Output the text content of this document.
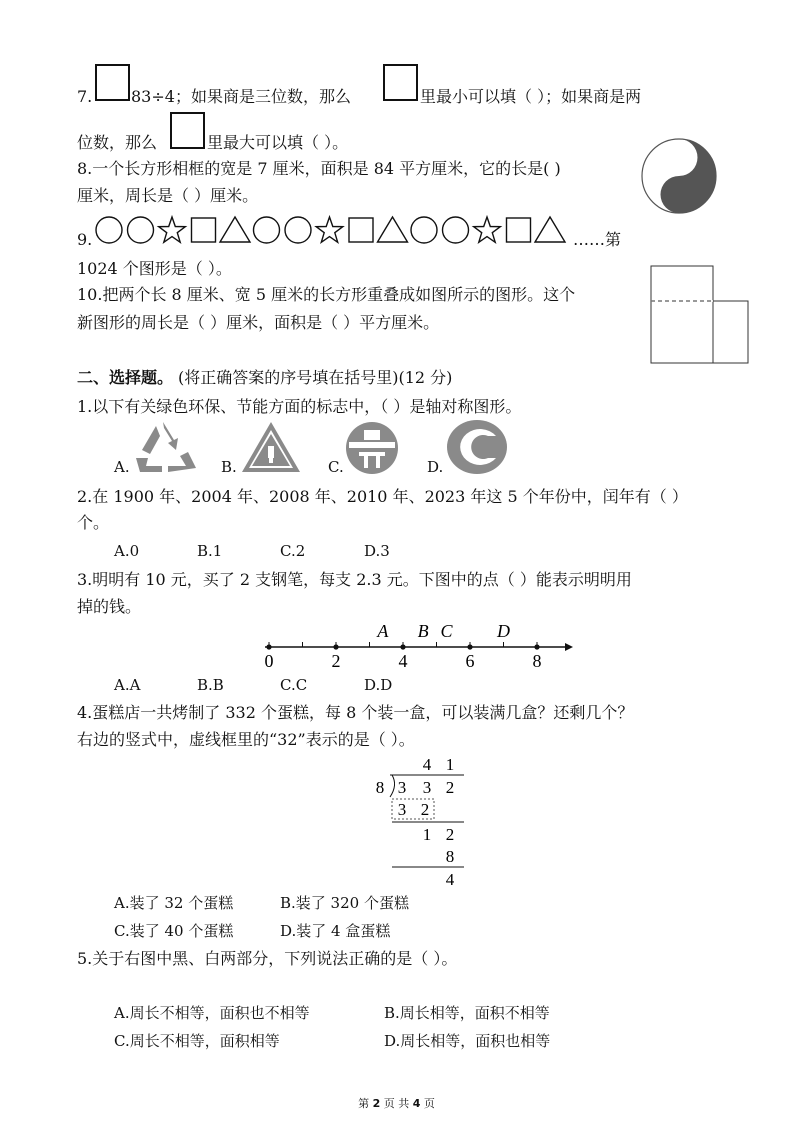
7. 83÷4；如果商是三位数，那么	里最小可以填（ ）；如果商是两
位数，那么	里最大可以填（ ）。
8.一个长方形相框的宽是 7 厘米，面积是 84 平方厘米，它的长是( )
厘米，周长是（ ）厘米。
9.	……第
1024 个图形是（ ）。
10.把两个长 8 厘米、宽 5 厘米的长方形重叠成如图所示的图形。这个
新图形的周长是（ ）厘米，面积是（ ）平方厘米。
二、选择题。 (将正确答案的序号填在括号里)(12 分)
1.以下有关绿色环保、节能方面的标志中，（ ）是轴对称图形。
A.	B.	C.	D.
2.在 1900 年、2004 年、2008 年、2010 年、2023 年这 5 个年份中，闰年有（ ）
个。
A.0	B.1	C.2	D.3
3.明明有 10 元，买了 2 支钢笔，每支 2.3 元。下图中的点（ ）能表示明明用
掉的钱。
0	2	4	6	8
A B C D
A.A	B.B	C.C	D.D
4.蛋糕店一共烤制了 332 个蛋糕，每 8 个装一盒，可以装满几盒？还剩几个？
右边的竖式中，虚线框里的“32”表示的是（ ）。
4 1
8 3 3 2
3 2
1 2
8
4
A.装了 32 个蛋糕	B.装了 320 个蛋糕
C.装了 40 个蛋糕	D.装了 4 盒蛋糕
5.关于右图中黑、白两部分，下列说法正确的是（ ）。
A.周长不相等，面积也不相等	B.周长相等，面积不相等
C.周长不相等，面积相等	D.周长相等，面积也相等
第 2 页 共 4 页
